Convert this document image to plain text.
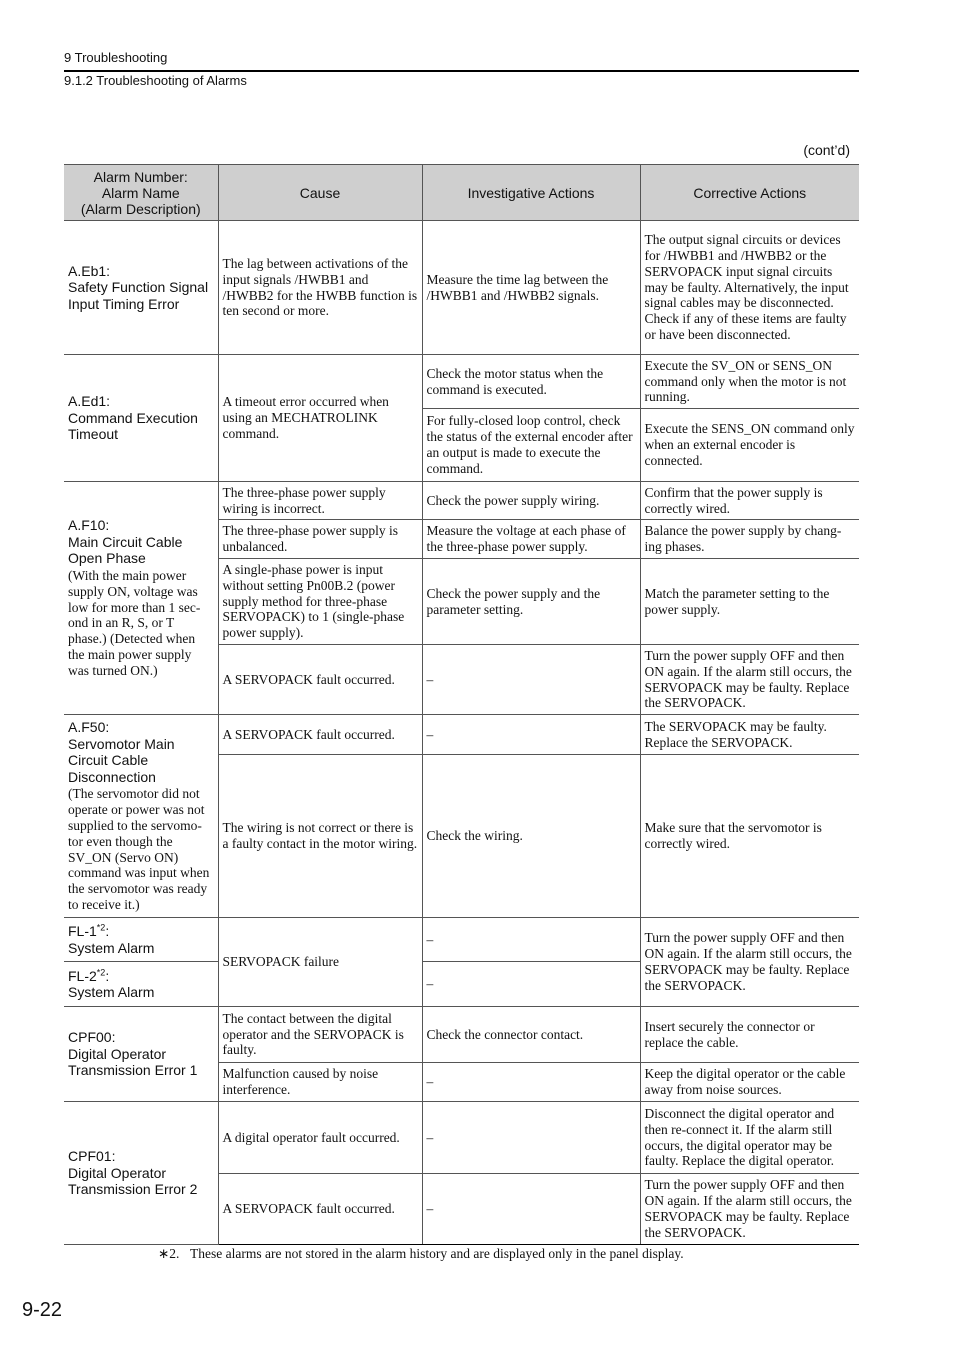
9 Troubleshooting
9.1.2 Troubleshooting of Alarms
(cont’d)
Alarm Number:
Alarm Name
(Alarm Description)	Cause	Investigative Actions	Corrective Actions
A.Eb1:
Safety Function Signal Input Timing Error	The lag between activations of the input signals /HWBB1 and /HWBB2 for the HWBB function is ten second or more.	Measure the time lag between the /HWBB1 and /HWBB2 signals.	The output signal circuits or devices for /HWBB1 and /HWBB2 or the SERVOPACK input signal circuits may be faulty. Alternatively, the input signal cables may be disconnected. Check if any of these items are faulty or have been disconnected.
A.Ed1:
Command Execution Timeout	A timeout error occurred when using an MECHATROLINK command.	Check the motor status when the command is executed.	Execute the SV_ON or SENS_ON command only when the motor is not running.
		For fully-closed loop control, check the status of the external encoder after an output is made to execute the command.	Execute the SENS_ON command only when an external encoder is connected.
A.F10:
Main Circuit Cable Open Phase
(With the main power supply ON, voltage was low for more than 1 sec-ond in an R, S, or T phase.) (Detected when the main power supply was turned ON.)	The three-phase power supply wiring is incorrect.	Check the power supply wiring.	Confirm that the power supply is correctly wired.
	The three-phase power supply is unbalanced.	Measure the voltage at each phase of the three-phase power supply.	Balance the power supply by chang-ing phases.
	A single-phase power is input without setting Pn00B.2 (power supply method for three-phase SERVOPACK) to 1 (single-phase power supply).	Check the power supply and the parameter setting.	Match the parameter setting to the power supply.
	A SERVOPACK fault occurred.	–	Turn the power supply OFF and then ON again. If the alarm still occurs, the SERVOPACK may be faulty. Replace the SERVOPACK.
A.F50:
Servomotor Main Circuit Cable Disconnection
(The servomotor did not operate or power was not supplied to the servomo-tor even though the SV_ON (Servo ON) command was input when the servomotor was ready to receive it.)	A SERVOPACK fault occurred.	–	The SERVOPACK may be faulty. Replace the SERVOPACK.
	The wiring is not correct or there is a faulty contact in the motor wiring.	Check the wiring.	Make sure that the servomotor is correctly wired.
FL-1$^{*2}$:
System Alarm	SERVOPACK failure	–	Turn the power supply OFF and then ON again. If the alarm still occurs, the SERVOPACK may be faulty. Replace the SERVOPACK.
FL-2$^{*2}$:
System Alarm		–	
CPF00:
Digital Operator Transmission Error 1	The contact between the digital operator and the SERVOPACK is faulty.	Check the connector contact.	Insert securely the connector or replace the cable.
	Malfunction caused by noise interference.	–	Keep the digital operator or the cable away from noise sources.
CPF01:
Digital Operator Transmission Error 2	A digital operator fault occurred.	–	Disconnect the digital operator and then re-connect it. If the alarm still occurs, the digital operator may be faulty. Replace the digital operator.
	A SERVOPACK fault occurred.	–	Turn the power supply OFF and then ON again. If the alarm still occurs, the SERVOPACK may be faulty. Replace the SERVOPACK.
∗2. These alarms are not stored in the alarm history and are displayed only in the panel display.
9-22
